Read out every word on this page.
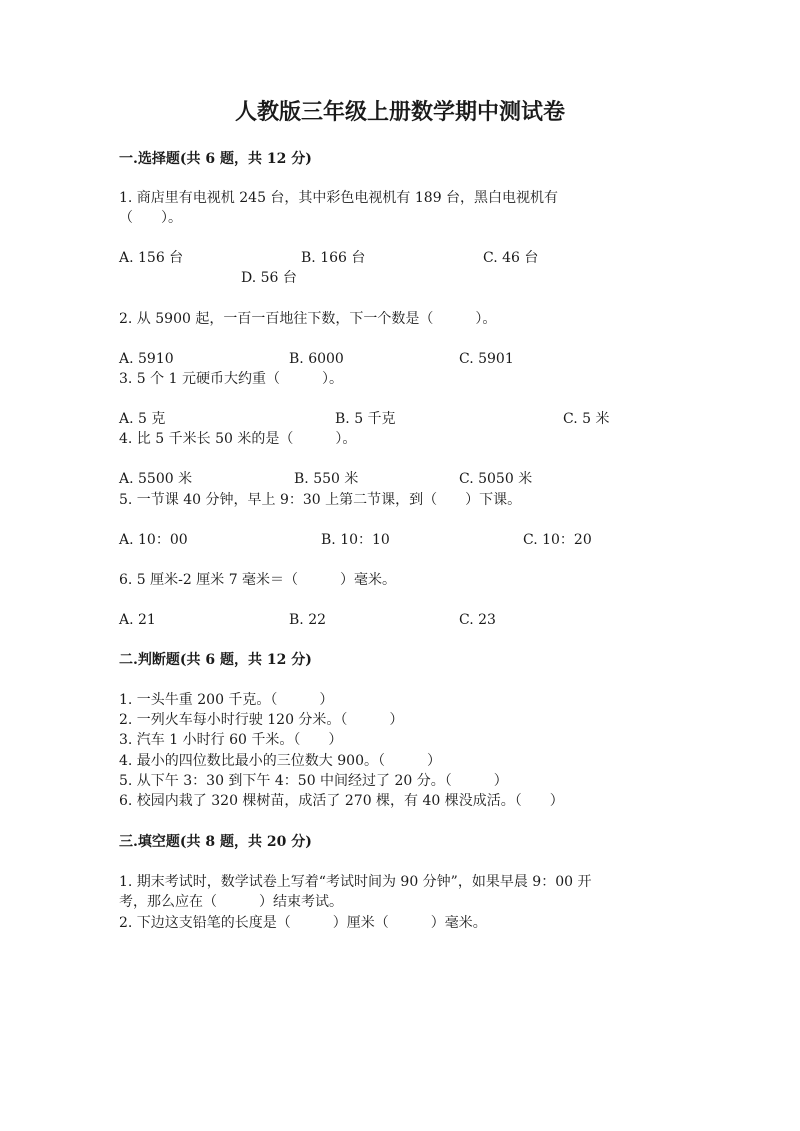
人教版三年级上册数学期中测试卷
一.选择题(共 6 题，共 12 分)
1. 商店里有电视机 245 台，其中彩色电视机有 189 台，黑白电视机有
（　　）。
A. 156 台	B. 166 台	C. 46 台
D. 56 台
2. 从 5900 起，一百一百地往下数，下一个数是（　　　）。
A. 5910	B. 6000	C. 5901
3. 5 个 1 元硬币大约重（　　　）。
A. 5 克	B. 5 千克	C. 5 米
4. 比 5 千米长 50 米的是（　　　）。
A. 5500 米	B. 550 米	C. 5050 米
5. 一节课 40 分钟，早上 9：30 上第二节课，到（　　）下课。
A. 10：00	B. 10：10	C. 10：20
6. 5 厘米-2 厘米 7 毫米＝（　　　）毫米。
A. 21	B. 22	C. 23
二.判断题(共 6 题，共 12 分)
1. 一头牛重 200 千克。（　　　）
2. 一列火车每小时行驶 120 分米。（　　　）
3. 汽车 1 小时行 60 千米。（　　）
4. 最小的四位数比最小的三位数大 900。（　　　）
5. 从下午 3：30 到下午 4：50 中间经过了 20 分。（　　　）
6. 校园内栽了 320 棵树苗，成活了 270 棵，有 40 棵没成活。（　　）
三.填空题(共 8 题，共 20 分)
1. 期末考试时，数学试卷上写着“考试时间为 90 分钟”，如果早晨 9：00 开
考，那么应在（　　　）结束考试。
2. 下边这支铅笔的长度是（　　　）厘米（　　　）毫米。
